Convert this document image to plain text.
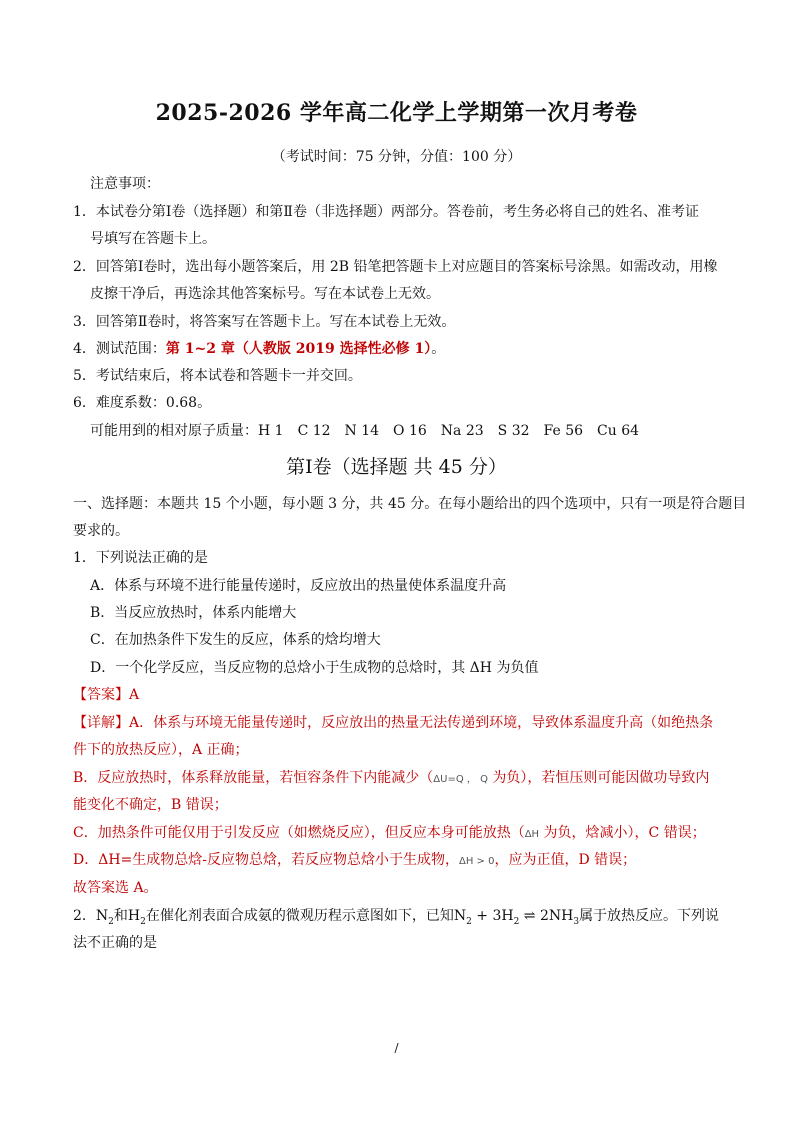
2025-2026 学年高二化学上学期第一次月考卷
（考试时间：75 分钟，分值：100 分）
注意事项：
1．本试卷分第Ⅰ卷（选择题）和第Ⅱ卷（非选择题）两部分。答卷前，考生务必将自己的姓名、准考证
号填写在答题卡上。
2．回答第Ⅰ卷时，选出每小题答案后，用 2B 铅笔把答题卡上对应题目的答案标号涂黑。如需改动，用橡
皮擦干净后，再选涂其他答案标号。写在本试卷上无效。
3．回答第Ⅱ卷时，将答案写在答题卡上。写在本试卷上无效。
4．测试范围：第 1~2 章（人教版 2019 选择性必修 1）。
5．考试结束后，将本试卷和答题卡一并交回。
6．难度系数：0.68。
可能用到的相对原子质量：H 1　C 12　N 14　O 16　Na 23　S 32　Fe 56　Cu 64
第Ⅰ卷（选择题 共 45 分）
一、选择题：本题共 15 个小题，每小题 3 分，共 45 分。在每小题给出的四个选项中，只有一项是符合题目
要求的。
1．下列说法正确的是
A．体系与环境不进行能量传递时，反应放出的热量使体系温度升高
B．当反应放热时，体系内能增大
C．在加热条件下发生的反应，体系的焓均增大
D．一个化学反应，当反应物的总焓小于生成物的总焓时，其 ΔH 为负值
【答案】A
【详解】A．体系与环境无能量传递时，反应放出的热量无法传递到环境，导致体系温度升高（如绝热条
件下的放热反应），A 正确；
B．反应放热时，体系释放能量，若恒容条件下内能减少（ΔU=Q ， Q 为负），若恒压则可能因做功导致内
能变化不确定，B 错误；
C．加热条件可能仅用于引发反应（如燃烧反应），但反应本身可能放热（ΔH 为负，焓减小），C 错误；
D．ΔH=生成物总焓-反应物总焓，若反应物总焓小于生成物，ΔH > 0，应为正值，D 错误；
故答案选 A。
2．$N_2$和$H_2$在催化剂表面合成氨的微观历程示意图如下，已知$N_2 + 3H_2$ ⇌ $2NH_3$属于放热反应。下列说
法不正确的是
/
